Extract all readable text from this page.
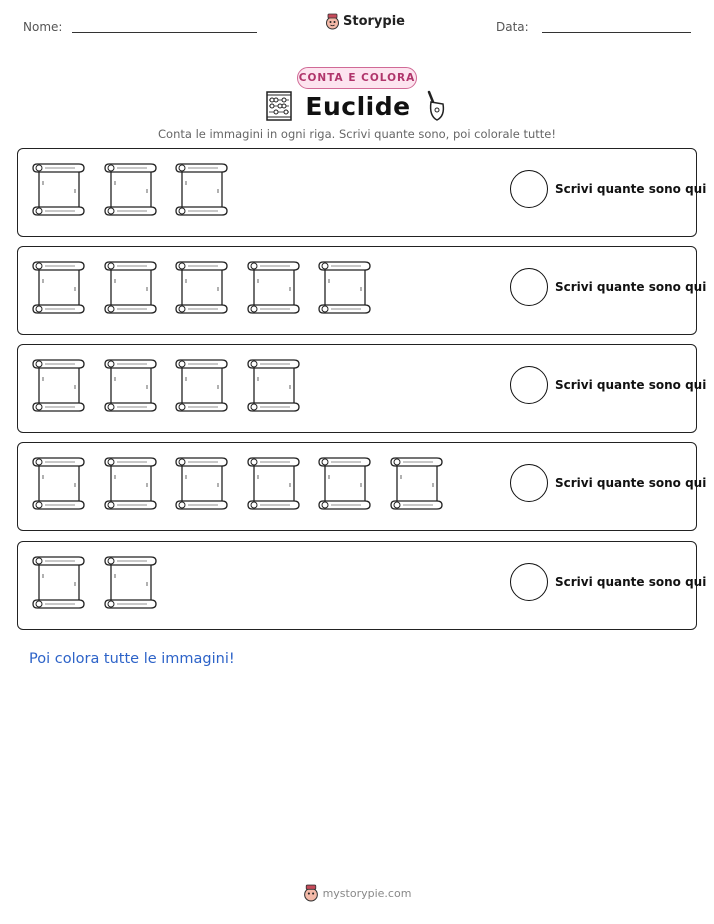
Nome:	Storypie	Data:
CONTA E COLORA
Euclide
Conta le immagini in ogni riga. Scrivi quante sono, poi colorale tutte!
Scrivi quante sono qui
Scrivi quante sono qui
Scrivi quante sono qui
Scrivi quante sono qui
Scrivi quante sono qui
Poi colora tutte le immagini!
mystorypie.com
